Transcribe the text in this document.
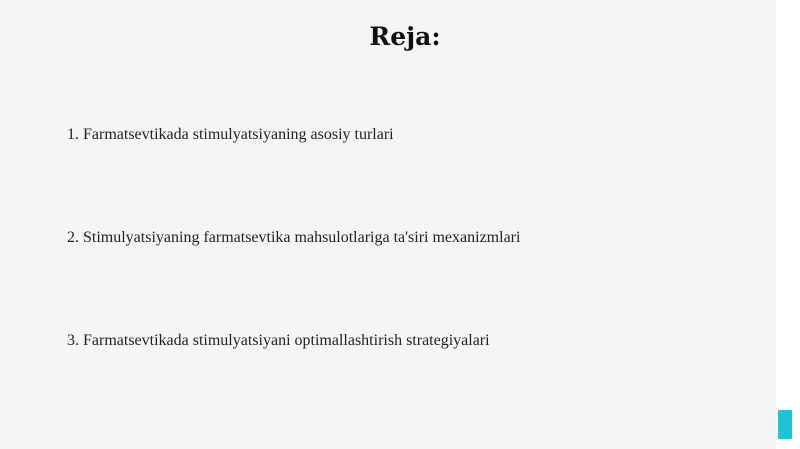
Reja:
1. Farmatsevtikada stimulyatsiyaning asosiy turlari
2. Stimulyatsiyaning farmatsevtika mahsulotlariga ta'siri mexanizmlari
3. Farmatsevtikada stimulyatsiyani optimallashtirish strategiyalari
